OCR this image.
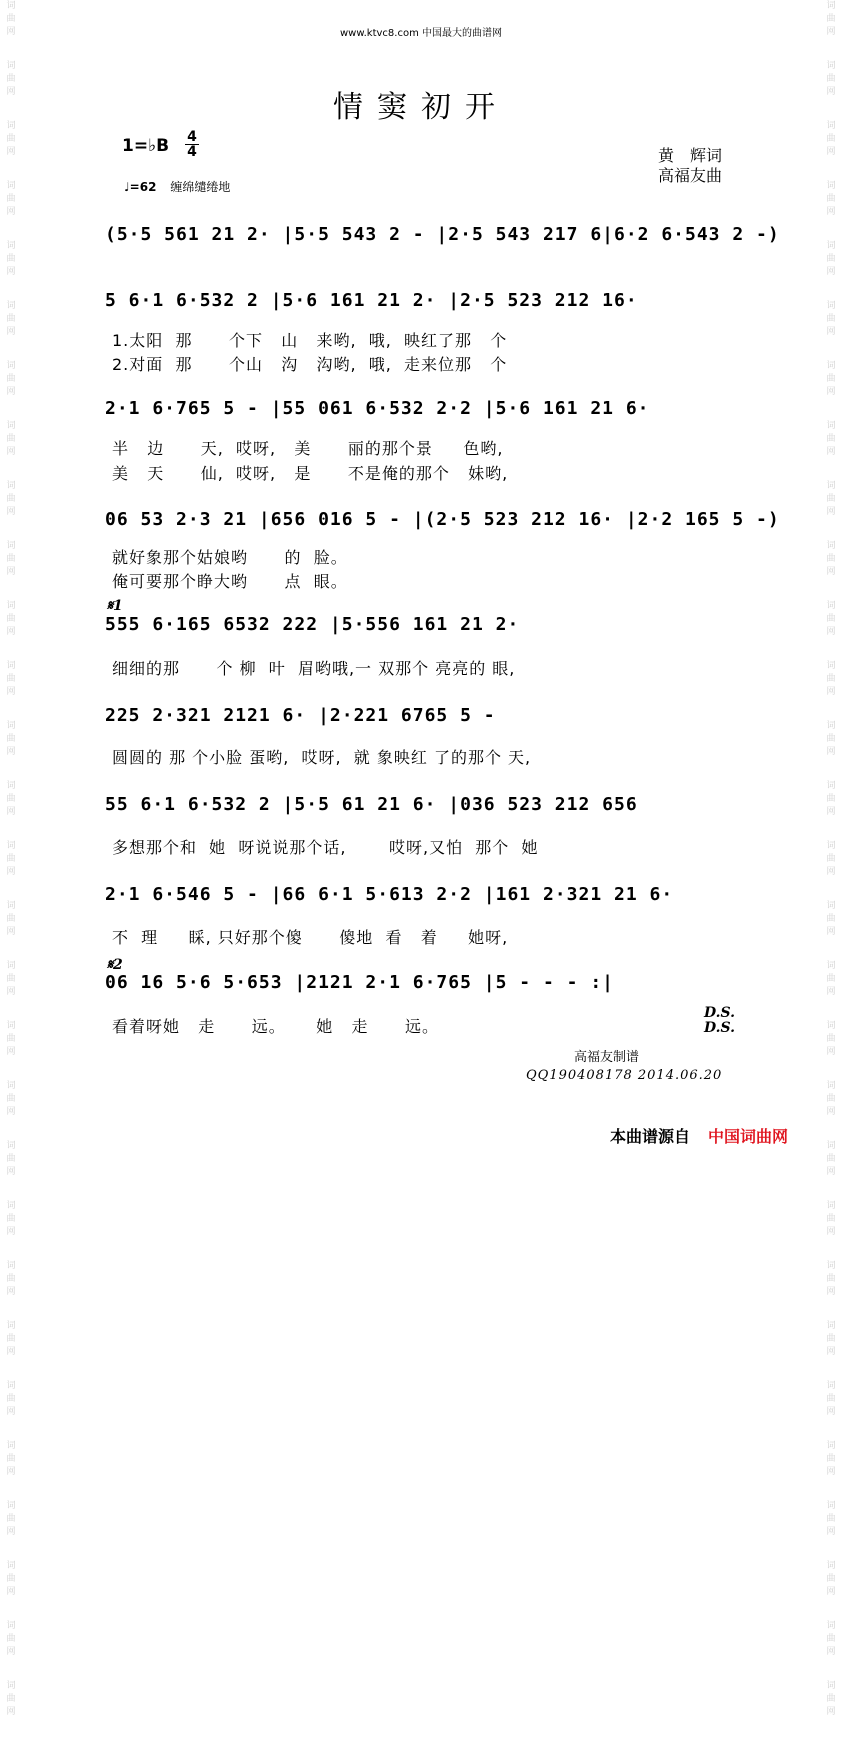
词
曲
网
词
曲
网
词
曲
网
词
曲
网
词
曲
网
词
曲
网
词
曲
网
词
曲
网
词
曲
网
词
曲
网
词
曲
网
词
曲
网
词
曲
网
词
曲
网
词
曲
网
词
曲
网
词
曲
网
词
曲
网
词
曲
网
词
曲
网
词
曲
网
词
曲
网
词
曲
网
词
曲
网
词
曲
网
词
曲
网
词
曲
网
词
曲
网
词
曲
网
词
曲
网
词
曲
网
词
曲
网
词
曲
网
词
曲
网
词
曲
网
词
曲
网
词
曲
网
词
曲
网
词
曲
网
词
曲
网
词
曲
网
词
曲
网
词
曲
网
词
曲
网
词
曲
网
词
曲
网
词
曲
网
词
曲
网
词
曲
网
词
曲
网
词
曲
网
词
曲
网
词
曲
网
词
曲
网
词
曲
网
词
曲
网
词
曲
网
词
曲
网
www.ktvc8.com 中国最大的曲谱网
情窦初开
1=♭B 4
4
♩=62 缠绵缱绻地
黄　辉词
高福友曲
(5·5 561 21 2· |5·5 543 2 - |2·5 543 217 6|6·2 6·543 2 -)
5 6·1 6·532 2 |5·6 161 21 2· |2·5 523 212 16·
1.太阳  那      个下   山   来哟,  哦,  映红了那   个
2.对面  那      个山   沟   沟哟,  哦,  走来位那   个
2·1 6·765 5 - |55 061 6·532 2·2 |5·6 161 21 6·
半   边      天,  哎呀,   美      丽的那个景     色哟,
美   天      仙,  哎呀,   是      不是俺的那个   妹哟,
06 53 2·3 21 |656 016 5 - |(2·5 523 212 16· |2·2 165 5 -)
就好象那个姑娘哟      的  脸。
俺可要那个睁大哟      点  眼。
𝄋1
555 6·165 6532 222 |5·556 161 21 2·
细细的那      个 柳  叶  眉哟哦,一 双那个 亮亮的 眼,
225 2·321 2121 6· |2·221 6765 5 -
圆圆的 那 个小脸 蛋哟,  哎呀,  就 象映红 了的那个 天,
55 6·1 6·532 2 |5·5 61 21 6· |036 523 212 656
多想那个和  她  呀说说那个话,       哎呀,又怕  那个  她
2·1 6·546 5 - |66 6·1 5·613 2·2 |161 2·321 21 6·
不  理     睬, 只好那个傻      傻地  看   着     她呀,
𝄋2
06 16 5·6 5·653 |2121 2·1 6·765 |5 - - - :|
看着呀她   走      远。     她   走      远。
D.S.
D.S.
高福友制谱
QQ190408178 2014.06.20
本曲谱源自 中国词曲网
